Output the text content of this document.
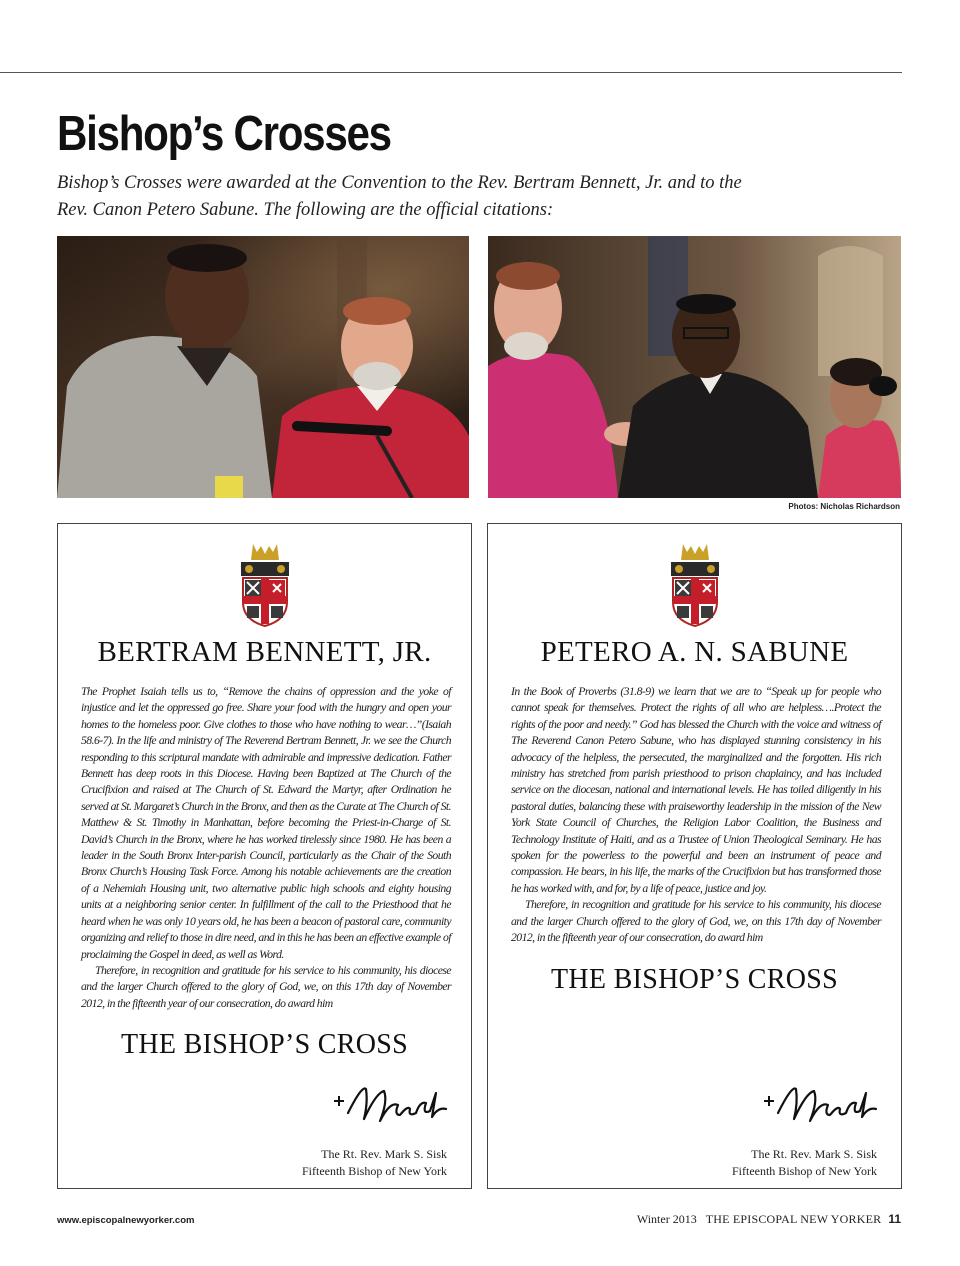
Bishop’s Crosses

Bishop’s Crosses were awarded at the Convention to the Rev. Bertram Bennett, Jr. and to the Rev. Canon Petero Sabune. The following are the official citations:

Photos: Nicholas Richardson
BERTRAM BENNETT, JR.

The Prophet Isaiah tells us to, “Remove the chains of oppression and the yoke of injustice and let the oppressed go free. Share your food with the hungry and open your homes to the homeless poor. Give clothes to those who have nothing to wear…”(Isaiah 58.6-7). In the life and ministry of The Reverend Bertram Bennett, Jr. we see the Church responding to this scriptural mandate with admirable and impressive dedication. Father Bennett has deep roots in this Diocese. Having been Baptized at The Church of the Crucifixion and raised at The Church of St. Edward the Martyr, after Ordination he served at St. Margaret’s Church in the Bronx, and then as the Curate at The Church of St. Matthew & St. Timothy in Manhattan, before becoming the Priest-in-Charge of St. David’s Church in the Bronx, where he has worked tirelessly since 1980. He has been a leader in the South Bronx Inter-parish Council, particularly as the Chair of the South Bronx Church’s Housing Task Force. Among his notable achievements are the creation of a Nehemiah Housing unit, two alternative public high schools and eighty housing units at a neighboring senior center. In fulfillment of the call to the Priesthood that he heard when he was only 10 years old, he has been a beacon of pastoral care, community organizing and relief to those in dire need, and in this he has been an effective example of proclaiming the Gospel in deed, as well as Word.

Therefore, in recognition and gratitude for his service to his community, his diocese and the larger Church offered to the glory of God, we, on this 17th day of November 2012, in the fifteenth year of our consecration, do award him

THE BISHOP’S CROSS
The Rt. Rev. Mark S. Sisk
Fifteenth Bishop of New York
PETERO A. N. SABUNE

In the Book of Proverbs (31.8-9) we learn that we are to “Speak up for people who cannot speak for themselves. Protect the rights of all who are helpless….Protect the rights of the poor and needy.” God has blessed the Church with the voice and witness of The Reverend Canon Petero Sabune, who has displayed stunning consistency in his advocacy of the helpless, the persecuted, the marginalized and the forgotten. His rich ministry has stretched from parish priesthood to prison chaplaincy, and has included service on the diocesan, national and international levels. He has toiled diligently in his pastoral duties, balancing these with praiseworthy leadership in the mission of the New York State Council of Churches, the Religion Labor Coalition, the Business and Technology Institute of Haiti, and as a Trustee of Union Theological Seminary. He has spoken for the powerless to the powerful and been an instrument of peace and compassion. He bears, in his life, the marks of the Crucifixion but has transformed those he has worked with, and for, by a life of peace, justice and joy.

Therefore, in recognition and gratitude for his service to his community, his diocese and the larger Church offered to the glory of God, we, on this 17th day of November 2012, in the fifteenth year of our consecration, do award him

THE BISHOP’S CROSS
The Rt. Rev. Mark S. Sisk
Fifteenth Bishop of New York
www.episcopalnewyorker.com	Winter 2013 THE EPISCOPAL NEW YORKER 11
